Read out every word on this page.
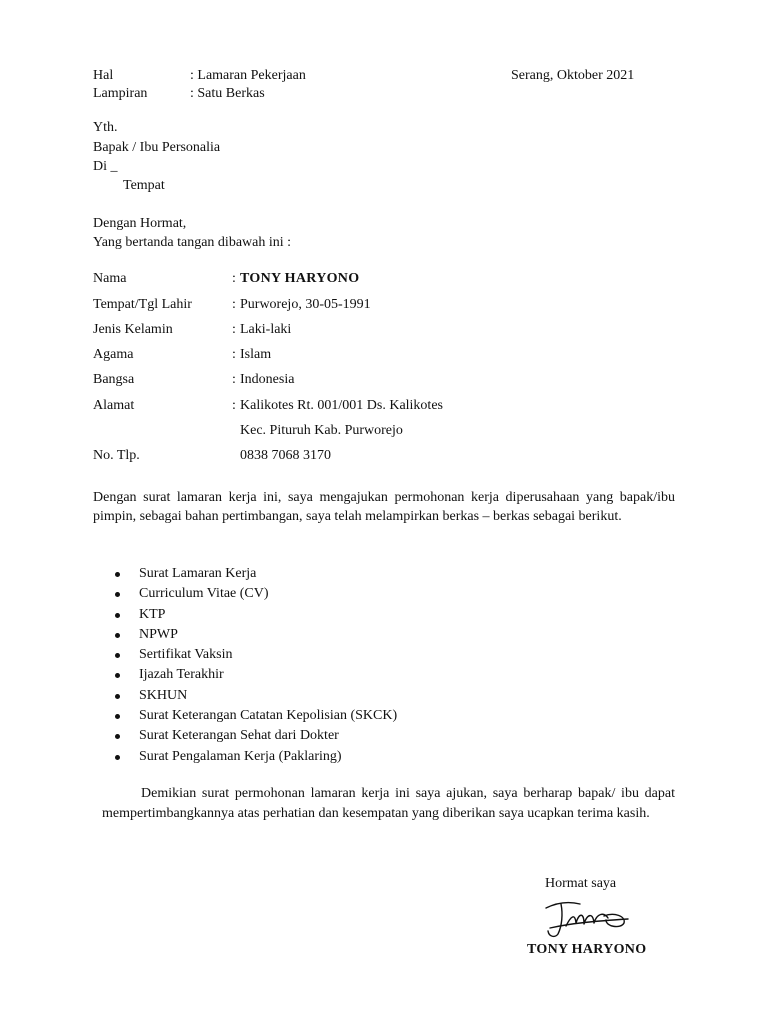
Hal	: Lamaran Pekerjaan
Lampiran	: Satu Berkas
Serang, Oktober 2021
Yth.
Bapak / Ibu Personalia
Di _
Tempat
Dengan Hormat,
Yang bertanda tangan dibawah ini :
Nama	: TONY HARYONO
Tempat/Tgl Lahir	: Purworejo, 30-05-1991
Jenis Kelamin	: Laki-laki
Agama	: Islam
Bangsa	: Indonesia
Alamat	: Kalikotes Rt. 001/001 Ds. Kalikotes
Kec. Pituruh Kab. Purworejo
No. Tlp.	0838 7068 3170
Dengan surat lamaran kerja ini, saya mengajukan permohonan kerja diperusahaan yang bapak/ibu pimpin, sebagai bahan pertimbangan, saya telah melampirkan berkas – berkas sebagai berikut.
Surat Lamaran Kerja
Curriculum Vitae (CV)
KTP
NPWP
Sertifikat Vaksin
Ijazah Terakhir
SKHUN
Surat Keterangan Catatan Kepolisian (SKCK)
Surat Keterangan Sehat dari Dokter
Surat Pengalaman Kerja (Paklaring)
Demikian surat permohonan lamaran kerja ini saya ajukan, saya berharap bapak/ ibu dapat mempertimbangkannya atas perhatian dan kesempatan yang diberikan saya ucapkan terima kasih.
Hormat saya
TONY HARYONO
